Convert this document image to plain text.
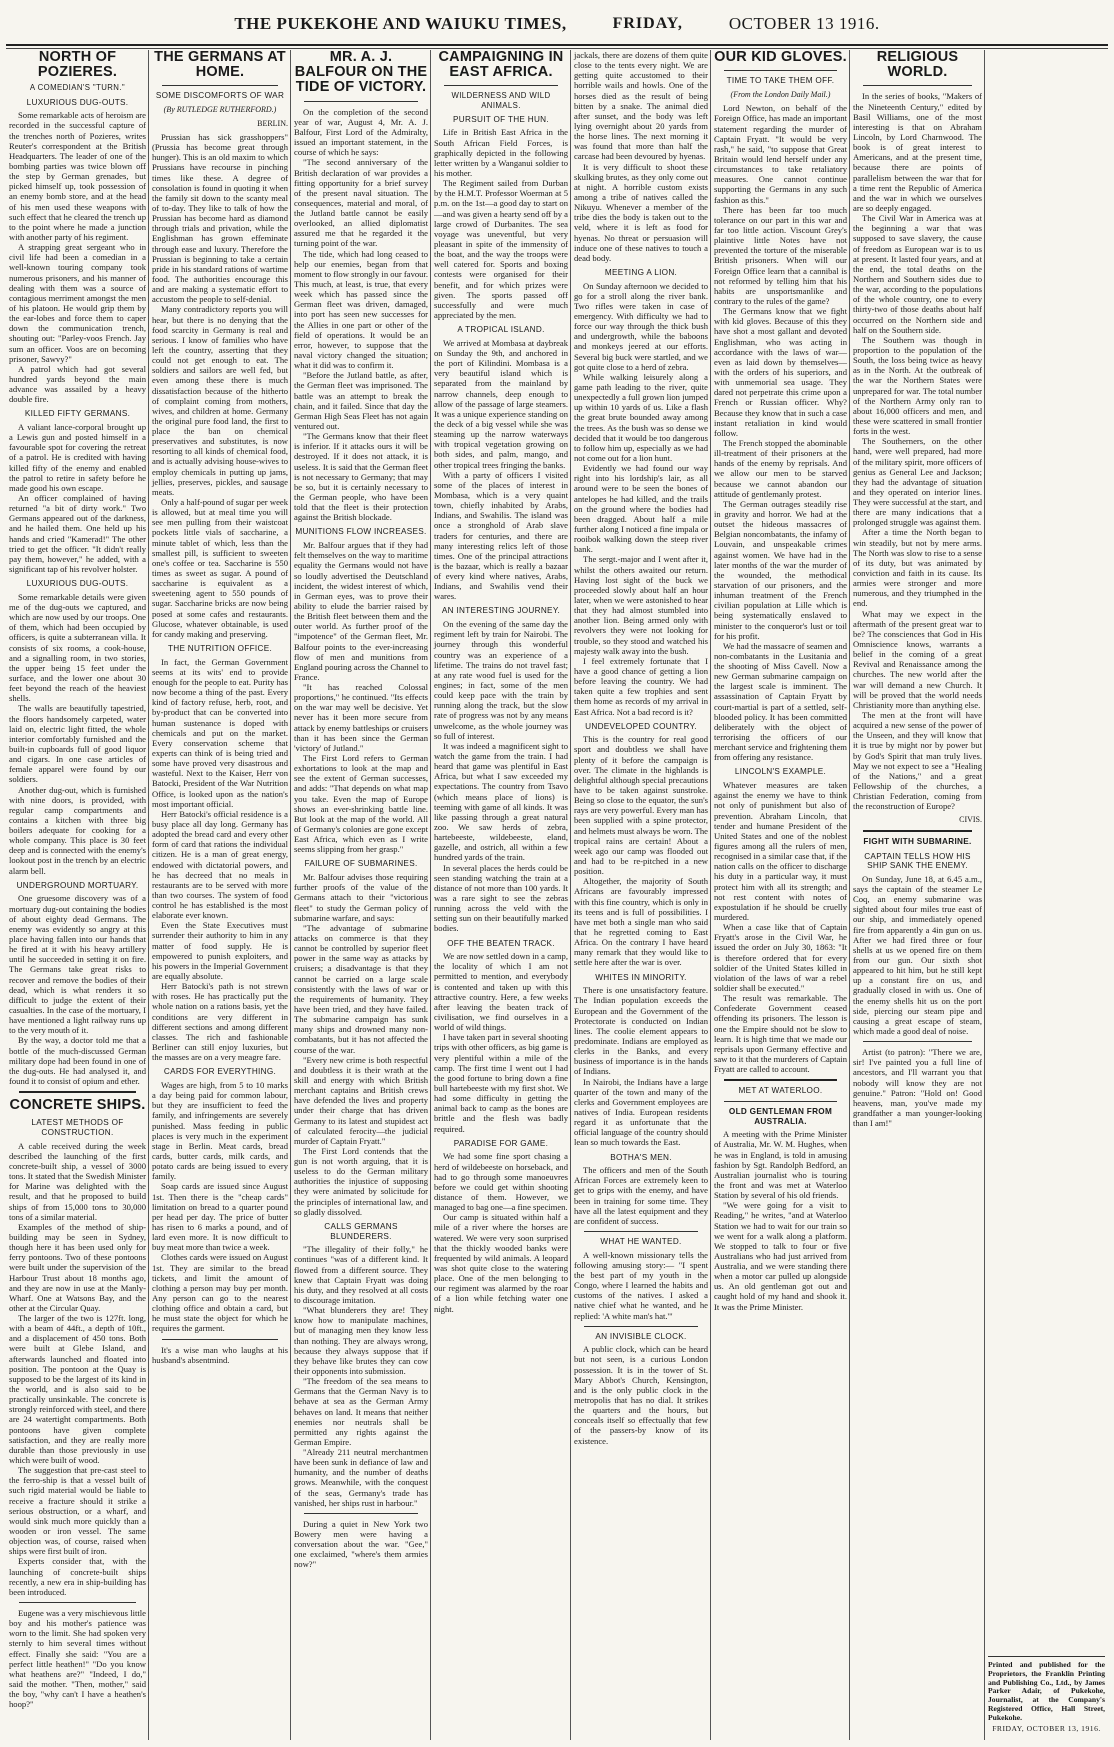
THE PUKEKOHE AND WAIUKU TIMES,	FRIDAY,	OCTOBER 13 1916.
NORTH OF POZIERES.
A COMEDIAN'S "TURN."
LUXURIOUS DUG-OUTS.

Some remarkable acts of heroism are recorded in the successful capture of the trenches north of Pozieres, writes Reuter's correspondent at the British Headquarters. The leader of one of the bombing parties was twice blown off the step by German grenades, but picked himself up, took possession of an enemy bomb store, and at the head of his men used these weapons with such effect that he cleared the trench up to the point where he made a junction with another party of his regiment.

A strapping great sergeant who in civil life had been a comedian in a well-known touring company took numerous prisoners, and his manner of dealing with them was a source of contagious merriment amongst the men of his platoon. He would grip them by the ear-lobes and force them to caper down the communication trench, shouting out: "Parley-voos French. Jay sum an officer. Voos are on becoming prisoner, Sawvy?"

A patrol which had got several hundred yards beyond the main advance was assailed by a heavy double fire.

KILLED FIFTY GERMANS.

A valiant lance-corporal brought up a Lewis gun and posted himself in a favourable spot for covering the retreat of a patrol. He is credited with having killed fifty of the enemy and enabled the patrol to retire in safety before he made good his own escape.

An officer complained of having returned "a bit of dirty work." Two Germans appeared out of the darkness, and he hailed them. One held up his hands and cried "Kamerad!" The other tried to get the officer. "It didn't really pay them, however," he added, with a significant tap of his revolver holster.

LUXURIOUS DUG-OUTS.

Some remarkable details were given me of the dug-outs we captured, and which are now used by our troops. One of them, which had been occupied by officers, is quite a subterranean villa. It consists of six rooms, a cook-house, and a signalling room, in two stories, the upper being 15 feet under the surface, and the lower one about 30 feet beyond the reach of the heaviest shells.

The walls are beautifully tapestried, the floors handsomely carpeted, water laid on, electric light fitted, the whole interior comfortably furnished and the built-in cupboards full of good liquor and cigars. In one case articles of female apparel were found by our soldiers.

Another dug-out, which is furnished with nine doors, is provided, with regular camp compartments and contains a kitchen with three big boilers adequate for cooking for a whole company. This place is 30 feet deep and is connected with the enemy's lookout post in the trench by an electric alarm bell.

UNDERGROUND MORTUARY.

One gruesome discovery was of a mortuary dug-out containing the bodies of about eighty dead Germans. The enemy was evidently so angry at this place having fallen into our hands that he fired at it with his heavy artillery until he succeeded in setting it on fire. The Germans take great risks to recover and remove the bodies of their dead, which is what renders it so difficult to judge the extent of their casualties. In the case of the mortuary, I have mentioned a light railway runs up to the very mouth of it.

By the way, a doctor told me that a bottle of the much-discussed German military dope had been found in one of the dug-outs. He had analysed it, and found it to consist of opium and ether.

CONCRETE SHIPS.
LATEST METHODS OF CONSTRUCTION.

A cable received during the week described the launching of the first concrete-built ship, a vessel of 3000 tons. It stated that the Swedish Minister for Marine was delighted with the result, and that he proposed to build ships of from 15,000 tons to 30,000 tons of a similar material.

Examples of the method of ship-building may be seen in Sydney, though here it has been used only for ferry pontoons. Two of these pontoons were built under the supervision of the Harbour Trust about 18 months ago, and they are now in use at the Manly-Wharf. One at Watsons Bay, and the other at the Circular Quay.

The larger of the two is 127ft. long, with a beam of 44ft., a depth of 10ft., and a displacement of 450 tons. Both were built at Glebe Island, and afterwards launched and floated into position. The pontoon at the Quay is supposed to be the largest of its kind in the world, and is also said to be practically unsinkable. The concrete is strongly reinforced with steel, and there are 24 watertight compartments. Both pontoons have given complete satisfaction, and they are really more durable than those previously in use which were built of wood.

The suggestion that pre-cast steel to the ferro-ship is that a vessel built of such rigid material would be liable to receive a fracture should it strike a serious obstruction, or a wharf, and would sink much more quickly than a wooden or iron vessel. The same objection was, of course, raised when ships were first built of iron.

Experts consider that, with the launching of concrete-built ships recently, a new era in ship-building has been introduced.

Eugene was a very mischievous little boy and his mother's patience was worn to the limit. She had spoken very sternly to him several times without effect. Finally she said: "You are a perfect little heathen!" "Do you know what heathens are?" "Indeed, I do," said the mother. "Then, mother," said the boy, "why can't I have a heathen's hoop?"

THE GERMANS AT HOME.
SOME DISCOMFORTS OF WAR
(By RUTLEDGE RUTHERFORD.)
BERLIN.

Prussian has sick grasshoppers" (Prussia has become great through hunger). This is an old maxim to which Prussians have recourse in pinching times like these. A degree of consolation is found in quoting it when the family sit down to the scanty meal of to-day. They like to talk of how the Prussian has become hard as diamond through trials and privation, while the Englishman has grown effeminate through ease and luxury. Therefore the Prussian is beginning to take a certain pride in his standard rations of wartime food. The authorities encourage this and are making a systematic effort to accustom the people to self-denial.

Many contradictory reports you will hear, but there is no denying that the food scarcity in Germany is real and serious. I know of families who have left the country, asserting that they could not get enough to eat. The soldiers and sailors are well fed, but even among these there is much dissatisfaction because of the hitherto of complaint coming from mothers, wives, and children at home. Germany the original pure food land, the first to place the ban on chemical preservatives and substitutes, is now resorting to all kinds of chemical food, and is actually advising house-wives to employ chemicals in putting up jams, jellies, preserves, pickles, and sausage meats.

Only a half-pound of sugar per week is allowed, but at meal time you will see men pulling from their waistcoat pockets little vials of saccharine, a minute tablet of which, less than the smallest pill, is sufficient to sweeten one's coffee or tea. Saccharine is 550 times as sweet as sugar. A pound of saccharine is equivalent as a sweetening agent to 550 pounds of sugar. Saccharine bricks are now being posed at some cafes and restaurants. Glucose, whatever obtainable, is used for candy making and preserving.

THE NUTRITION OFFICE.

In fact, the German Government seems at its wits' end to provide enough for the people to eat. Purity has now become a thing of the past. Every kind of factory refuse, herb, root, and by-product that can be converted into human sustenance is doped with chemicals and put on the market. Every conservation scheme that experts can think of is being tried and some have proved very disastrous and wasteful. Next to the Kaiser, Herr von Batocki, President of the War Nutrition Office, is looked upon as the nation's most important official.

Herr Batocki's official residence is a busy place all day long. Germany has adopted the bread card and every other form of card that rations the individual citizen. He is a man of great energy, endowed with dictatorial powers, and he has decreed that no meals in restaurants are to be served with more than two courses. The system of food control he has established is the most elaborate ever known.

Even the State Executives must surrender their authority to him in any matter of food supply. He is empowered to punish exploiters, and his powers in the Imperial Government are equally absolute.

Herr Batocki's path is not strewn with roses. He has practically put the whole nation on a rations basis, yet the conditions are very different in different sections and among different classes. The rich and fashionable Berliner can still enjoy luxuries, but the masses are on a very meagre fare.

CARDS FOR EVERYTHING.

Wages are high, from 5 to 10 marks a day being paid for common labour, but they are insufficient to feed the family, and infringements are severely punished. Mass feeding in public places is very much in the experiment stage in Berlin. Meat cards, bread cards, butter cards, milk cards, and potato cards are being issued to every family.

Soap cards are issued since August 1st. Then there is the "cheap cards" limitation on bread to a quarter pound per head per day. The price of butter has risen to 6 marks a pound, and of lard even more. It is now difficult to buy meat more than twice a week.

Clothes cards were issued on August 1st. They are similar to the bread tickets, and limit the amount of clothing a person may buy per month. Any person can go to the nearest clothing office and obtain a card, but he must state the object for which he requires the garment.

It's a wise man who laughs at his husband's absentmind.

MR. A. J. BALFOUR ON THE TIDE OF VICTORY.

On the completion of the second year of war, August 4, Mr. A. J. Balfour, First Lord of the Admiralty, issued an important statement, in the course of which he says:

"The second anniversary of the British declaration of war provides a fitting opportunity for a brief survey of the present naval situation. The consequences, material and moral, of the Jutland battle cannot be easily overlooked, an allied diplomatist assured me that he regarded it the turning point of the war.

The tide, which had long ceased to help our enemies, began from that moment to flow strongly in our favour. This much, at least, is true, that every week which has passed since the German fleet was driven, damaged, into port has seen new successes for the Allies in one part or other of the field of operations. It would be an error, however, to suppose that the naval victory changed the situation; what it did was to confirm it.

"Before the Jutland battle, as after, the German fleet was imprisoned. The battle was an attempt to break the chain, and it failed. Since that day the German High Seas Fleet has not again ventured out.

"The Germans know that their fleet is inferior. If it attacks ours it will be destroyed. If it does not attack, it is useless. It is said that the German fleet is not necessary to Germany; that may be so, but it is certainly necessary to the German people, who have been told that the fleet is their protection against the British blockade.

MUNITIONS FLOW INCREASES.

Mr. Balfour argues that if they had felt themselves on the way to maritime equality the Germans would not have so loudly advertised the Deutschland incident, the widest interest of which, in German eyes, was to prove their ability to elude the barrier raised by the British fleet between them and the outer world. As further proof of the "impotence" of the German fleet, Mr. Balfour points to the ever-increasing flow of men and munitions from England pouring across the Channel to France.

"It has reached Colossal proportions," he continued. "Its effects on the war may well be decisive. Yet never has it been more secure from attack by enemy battleships or cruisers than it has been since the German 'victory' of Jutland."

The First Lord refers to German exhortations to look at the map and see the extent of German successes, and adds: "That depends on what map you take. Even the map of Europe shows an ever-shrinking battle line. But look at the map of the world. All of Germany's colonies are gone except East Africa, which even as I write seems slipping from her grasp."

FAILURE OF SUBMARINES.

Mr. Balfour advises those requiring further proofs of the value of the Germans attach to their "victorious fleet" to study the German policy of submarine warfare, and says:

"The advantage of submarine attacks on commerce is that they cannot be controlled by superior fleet power in the same way as attacks by cruisers; a disadvantage is that they cannot be carried on a large scale consistently with the laws of war or the requirements of humanity. They have been tried, and they have failed. The submarine campaign has sunk many ships and drowned many non-combatants, but it has not affected the course of the war.

"Every new crime is both respectful and doubtless it is their wrath at the skill and energy with which British merchant captains and British crews have defended the lives and property under their charge that has driven Germany to its latest and stupidest act of calculated ferocity—the judicial murder of Captain Fryatt."

The First Lord contends that the gun is not worth arguing, that it is useless to do the German military authorities the injustice of supposing they were animated by solicitude for the principles of international law, and so gladly dissolved.

CALLS GERMANS BLUNDERERS.

"The illegality of their folly," he continues "was of a different kind. It flowed from a different source. They knew that Captain Fryatt was doing his duty, and they resolved at all costs to discourage imitation.

"What blunderers they are! They know how to manipulate machines, but of managing men they know less than nothing. They are always wrong, because they always suppose that if they behave like brutes they can cow their opponents into submission.

"The freedom of the sea means to Germans that the German Navy is to behave at sea as the German Army behaves on land. It means that neither enemies nor neutrals shall be permitted any rights against the German Empire.

"Already 211 neutral merchantmen have been sunk in defiance of law and humanity, and the number of deaths grows. Meanwhile, with the conquest of the seas, Germany's trade has vanished, her ships rust in harbour."

During a quiet in New York two Bowery men were having a conversation about the war. "Gee," one exclaimed, "where's them armies now?"

CAMPAIGNING IN EAST AFRICA.
WILDERNESS AND WILD ANIMALS.
PURSUIT OF THE HUN.

Life in British East Africa in the South African Field Forces, is graphically depicted in the following letter written by a Wanganui soldier to his mother.

The Regiment sailed from Durban by the H.M.T. Professor Woerman at 5 p.m. on the 1st—a good day to start on—and was given a hearty send off by a large crowd of Durbanites. The sea voyage was uneventful, but very pleasant in spite of the immensity of the boat, and the way the troops were well catered for. Sports and boxing contests were organised for their benefit, and for which prizes were given. The sports passed off successfully and were much appreciated by the men.

A TROPICAL ISLAND.

We arrived at Mombasa at daybreak on Sunday the 9th, and anchored in the port of Kilindini. Mombasa is a very beautiful island which is separated from the mainland by narrow channels, deep enough to allow of the passage of large steamers. It was a unique experience standing on the deck of a big vessel while she was steaming up the narrow waterways with tropical vegetation growing on both sides, and palm, mango, and other tropical trees fringing the banks.

With a party of officers I visited some of the places of interest in Mombasa, which is a very quaint town, chiefly inhabited by Arabs, Indians, and Swahilis. The island was once a stronghold of Arab slave traders for centuries, and there are many interesting relics left of those times. One of the principal attractions is the bazaar, which is really a bazaar of every kind where natives, Arabs, Indians, and Swahilis vend their wares.

AN INTERESTING JOURNEY.

On the evening of the same day the regiment left by train for Nairobi. The journey through this wonderful country was an experience of a lifetime. The trains do not travel fast; at any rate wood fuel is used for the engines; in fact, some of the men could keep pace with the train by running along the track, but the slow rate of progress was not by any means unwelcome, as the whole journey was so full of interest.

It was indeed a magnificent sight to watch the game from the train. I had heard that game was plentiful in East Africa, but what I saw exceeded my expectations. The country from Tsavo (which means place of lions) is teeming with game of all kinds. It was like passing through a great natural zoo. We saw herds of zebra, hartebeeste, wildebeeste, eland, gazelle, and ostrich, all within a few hundred yards of the train.

In several places the herds could be seen standing watching the train at a distance of not more than 100 yards. It was a rare sight to see the zebras running across the veld with the setting sun on their beautifully marked bodies.

OFF THE BEATEN TRACK.

We are now settled down in a camp, the locality of which I am not permitted to mention, and everybody is contented and taken up with this attractive country. Here, a few weeks after leaving the beaten track of civilisation, we find ourselves in a world of wild things.

I have taken part in several shooting trips with other officers, as big game is very plentiful within a mile of the camp. The first time I went out I had the good fortune to bring down a fine bull hartebeeste with my first shot. We had some difficulty in getting the animal back to camp as the bones are brittle and the flesh was badly required.

PARADISE FOR GAME.

We had some fine sport chasing a herd of wildebeeste on horseback, and had to go through some manoeuvres before we could get within shooting distance of them. However, we managed to bag one—a fine specimen.

Our camp is situated within half a mile of a river where the horses are watered. We were very soon surprised that the thickly wooded banks were frequented by wild animals. A leopard was shot quite close to the watering place. One of the men belonging to our regiment was alarmed by the roar of a lion while fetching water one night.

jackals, there are dozens of them quite close to the tents every night. We are getting quite accustomed to their horrible wails and howls. One of the horses died as the result of being bitten by a snake. The animal died after sunset, and the body was left lying overnight about 20 yards from the horse lines. The next morning it was found that more than half the carcase had been devoured by hyenas.

It is very difficult to shoot these skulking brutes, as they only come out at night. A horrible custom exists among a tribe of natives called the Nikuyu. Whenever a member of the tribe dies the body is taken out to the veld, where it is left as food for hyenas. No threat or persuasion will induce one of these natives to touch a dead body.

MEETING A LION.

On Sunday afternoon we decided to go for a stroll along the river bank. Two rifles were taken in case of emergency. With difficulty we had to force our way through the thick bush and undergrowth, while the baboons and monkeys jeered at our efforts. Several big buck were startled, and we got quite close to a herd of zebra.

While walking leisurely along a game path leading to the river, quite unexpectedly a full grown lion jumped up within 10 yards of us. Like a flash the great brute bounded away among the trees. As the bush was so dense we decided that it would be too dangerous to follow him up, especially as we had not come out for a lion hunt.

Evidently we had found our way right into his lordship's lair, as all around were to be seen the bones of antelopes he had killed, and the trails on the ground where the bodies had been dragged. About half a mile further along I noticed a fine impala or rooibok walking down the steep river bank.

The sergt.-major and I went after it, whilst the others awaited our return. Having lost sight of the buck we proceeded slowly about half an hour later, when we were astonished to hear that they had almost stumbled into another lion. Being armed only with revolvers they were not looking for trouble, so they stood and watched his majesty walk away into the bush.

I feel extremely fortunate that I have a good chance of getting a lion before leaving the country. We had taken quite a few trophies and sent them home as records of my arrival in East Africa. Not a bad record is it?

UNDEVELOPED COUNTRY.

This is the country for real good sport and doubtless we shall have plenty of it before the campaign is over. The climate in the highlands is delightful although special precautions have to be taken against sunstroke. Being so close to the equator, the sun's rays are very powerful. Every man has been supplied with a spine protector, and helmets must always be worn. The tropical rains are certain! About a week ago our camp was flooded out and had to be re-pitched in a new position.

Altogether, the majority of South Africans are favourably impressed with this fine country, which is only in its teens and is full of possibilities. I have met both a single man who said that he regretted coming to East Africa. On the contrary I have heard many remark that they would like to settle here after the war is over.

WHITES IN MINORITY.

There is one unsatisfactory feature. The Indian population exceeds the European and the Government of the Protectorate is conducted on Indian lines. The coolie element appears to predominate. Indians are employed as clerks in the Banks, and every business of importance is in the hands of Indians.

In Nairobi, the Indians have a large quarter of the town and many of the clerks and Government employees are natives of India. European residents regard it as unfortunate that the official language of the country should lean so much towards the East.

BOTHA'S MEN.

The officers and men of the South African Forces are extremely keen to get to grips with the enemy, and have been in training for some time. They have all the latest equipment and they are confident of success.

WHAT HE WANTED.

A well-known missionary tells the following amusing story:— "I spent the best part of my youth in the Congo, where I learned the habits and customs of the natives. I asked a native chief what he wanted, and he replied: 'A white man's hat.'"

AN INVISIBLE CLOCK.

A public clock, which can be heard but not seen, is a curious London possession. It is in the tower of St. Mary Abbot's Church, Kensington, and is the only public clock in the metropolis that has no dial. It strikes the quarters and the hours, but conceals itself so effectually that few of the passers-by know of its existence.

OUR KID GLOVES.
TIME TO TAKE THEM OFF.
(From the London Daily Mail.)

Lord Newton, on behalf of the Foreign Office, has made an important statement regarding the murder of Captain Fryatt. "It would be very rash," he said, "to suppose that Great Britain would lend herself under any circumstances to take retaliatory measures. One cannot continue supporting the Germans in any such fashion as this."

There has been far too much tolerance on our part in this war and far too little action. Viscount Grey's plaintive little Notes have not prevented the torture of the miserable British prisoners. When will our Foreign Office learn that a cannibal is not reformed by telling him that his habits are unsportsmanlike and contrary to the rules of the game?

The Germans know that we fight with kid gloves. Because of this they have shot a most gallant and devoted Englishman, who was acting in accordance with the laws of war—even as laid down by themselves—with the orders of his superiors, and with unmemorial sea usage. They dared not perpetrate this crime upon a French or Russian officer. Why? Because they know that in such a case instant retaliation in kind would follow.

The French stopped the abominable ill-treatment of their prisoners at the hands of the enemy by reprisals. And we allow our men to be starved because we cannot abandon our attitude of gentlemanly protest.

The German outrages steadily rise in gravity and horror. We had at the outset the hideous massacres of Belgian noncombatants, the infamy of Louvain, and unspeakable crimes against women. We have had in the later months of the war the murder of the wounded, the methodical starvation of our prisoners, and the inhuman treatment of the French civilian population at Lille which is being systematically enslaved to minister to the conqueror's lust or toil for his profit.

We had the massacre of seamen and non-combatants in the Lusitania and the shooting of Miss Cavell. Now a new German submarine campaign on the largest scale is imminent. The assassination of Captain Fryatt by court-martial is part of a settled, self-blooded policy. It has been committed deliberately with the object of terrorising the officers of our merchant service and frightening them from offering any resistance.

LINCOLN'S EXAMPLE.

Whatever measures are taken against the enemy we have to think not only of punishment but also of prevention. Abraham Lincoln, that tender and humane President of the United States and one of the noblest figures among all the rulers of men, recognised in a similar case that, if the nation calls on the officer to discharge his duty in a particular way, it must protect him with all its strength; and not rest content with notes of expostulation if he should be cruelly murdered.

When a case like that of Captain Fryatt's arose in the Civil War, he issued the order on July 30, 1863: "It is therefore ordered that for every soldier of the United States killed in violation of the laws of war a rebel soldier shall be executed."

The result was remarkable. The Confederate Government ceased offending its prisoners. The lesson is one the Empire should not be slow to learn. It is high time that we made our reprisals upon Germany effective and saw to it that the murderers of Captain Fryatt are called to account.

MET AT WATERLOO.
OLD GENTLEMAN FROM AUSTRALIA.

A meeting with the Prime Minister of Australia, Mr. W. M. Hughes, when he was in England, is told in amusing fashion by Sgt. Randolph Bedford, an Australian journalist who is touring the front and was met at Waterloo Station by several of his old friends.

"We were going for a visit to Reading," he writes, "and at Waterloo Station we had to wait for our train so we went for a walk along a platform. We stopped to talk to four or five Australians who had just arrived from Australia, and we were standing there when a motor car pulled up alongside us. An old gentleman got out and caught hold of my hand and shook it. It was the Prime Minister.

RELIGIOUS WORLD.

In the series of books, "Makers of the Nineteenth Century," edited by Basil Williams, one of the most interesting is that on Abraham Lincoln, by Lord Charnwood. The book is of great interest to Americans, and at the present time, because there are points of parallelism between the war that for a time rent the Republic of America and the war in which we ourselves are so deeply engaged.

The Civil War in America was at the beginning a war that was supposed to save slavery, the cause of freedom as European war is to us at present. It lasted four years, and at the end, the total deaths on the Northern and Southern sides due to the war, according to the populations of the whole country, one to every thirty-two of those deaths about half occurred on the Northern side and half on the Southern side.

The Southern was though in proportion to the population of the South, the loss being twice as heavy as in the North. At the outbreak of the war the Northern States were unprepared for war. The total number of the Northern Army only ran to about 16,000 officers and men, and these were scattered in small frontier forts in the west.

The Southerners, on the other hand, were well prepared, had more of the military spirit, more officers of genius as General Lee and Jackson; they had the advantage of situation and they operated on interior lines. They were successful at the start, and there are many indications that a prolonged struggle was against them.

After a time the North began to win steadily, but not by mere arms. The North was slow to rise to a sense of its duty, but was animated by conviction and faith in its cause. Its armies were stronger and more numerous, and they triumphed in the end.

What may we expect in the aftermath of the present great war to be? The consciences that God in His Omniscience knows, warrants a belief in the coming of a great Revival and Renaissance among the churches. The new world after the war will demand a new Church. It will be proved that the world needs Christianity more than anything else.

The men at the front will have acquired a new sense of the power of the Unseen, and they will know that it is true by might nor by power but by God's Spirit that man truly lives. May we not expect to see a "Healing of the Nations," and a great Fellowship of the churches, a Christian Federation, coming from the reconstruction of Europe?

CIVIS.
FIGHT WITH SUBMARINE.
CAPTAIN TELLS HOW HIS SHIP SANK THE ENEMY.

On Sunday, June 18, at 6.45 a.m., says the captain of the steamer Le Coq, an enemy submarine was sighted about four miles true east of our ship, and immediately opened fire from apparently a 4in gun on us. After we had fired three or four shells at us we opened fire on them from our gun. Our sixth shot appeared to hit him, but he still kept up a constant fire on us, and gradually closed in with us. One of the enemy shells hit us on the port side, piercing our steam pipe and causing a great escape of steam, which made a good deal of noise.

Artist (to patron): "There we are, sir! I've painted you a full line of ancestors, and I'll warrant you that nobody will know they are not genuine." Patron: "Hold on! Good heavens, man, you've made my grandfather a man younger-looking than I am!"

Printed and published for the Proprietors, the Franklin Printing and Publishing Co., Ltd., by James Parker Adair, of Pukekohe, Journalist, at the Company's Registered Office, Hall Street, Pukekohe.
FRIDAY, OCTOBER 13, 1916.
